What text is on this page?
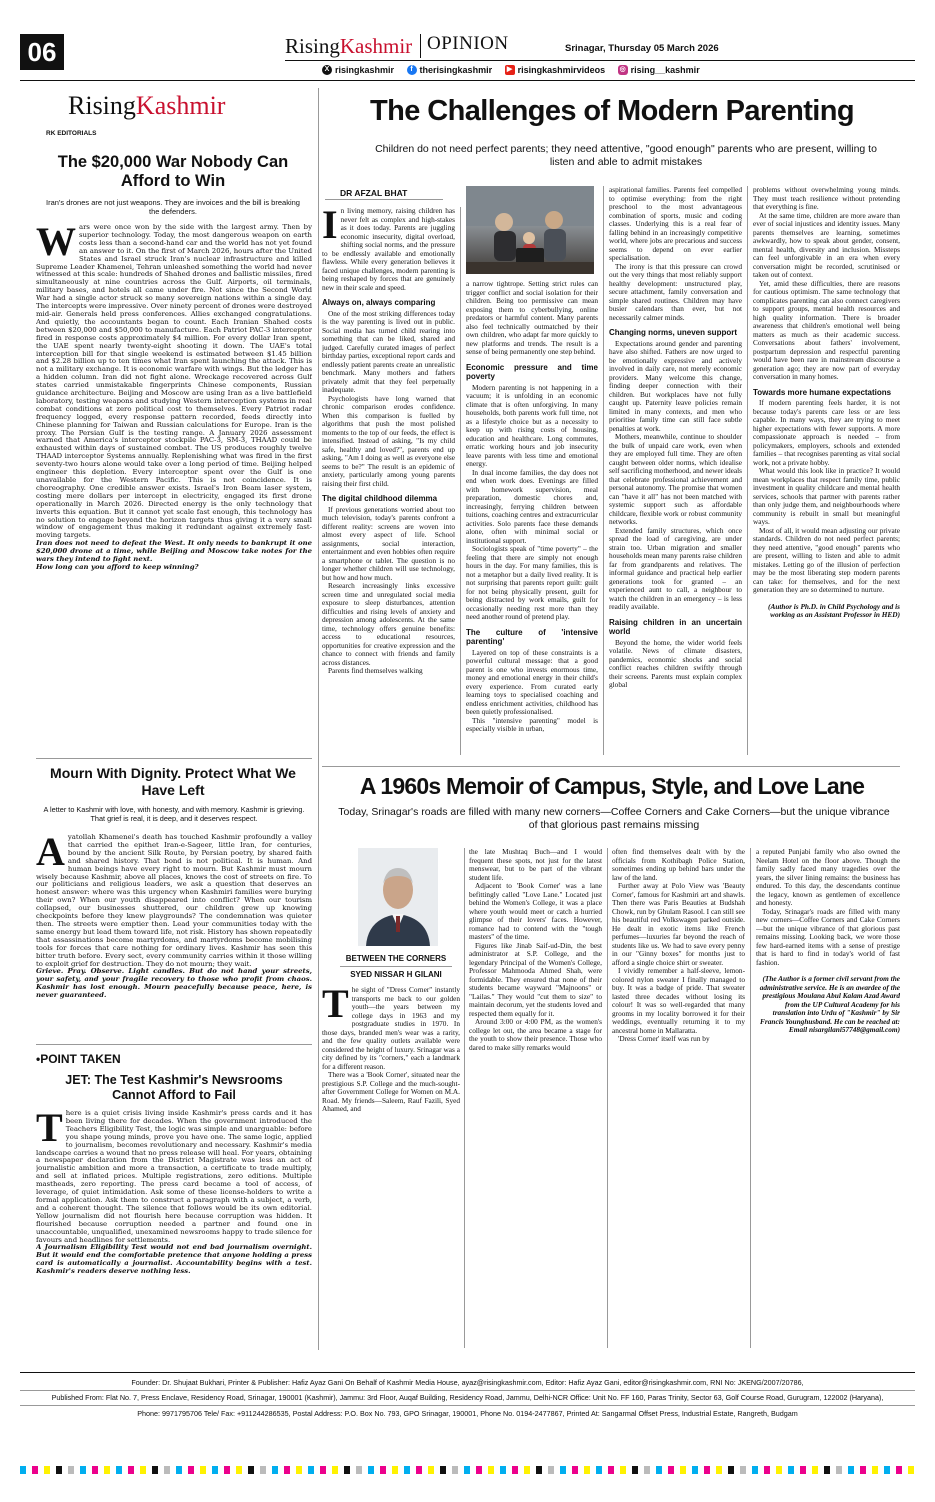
06	RisingKashmir OPINION	Srinagar, Thursday 05 March 2026
X risingkashmir
	f therisingkashmir
	▶ risingkashmirvideos
◎ rising__kashmir
RisingKashmir
RK EDITORIALS
The $20,000 War Nobody Can Afford to Win
Iran's drones are not just weapons. They are invoices and the bill is breaking the defenders.
Wars were once won by the side with the largest army. Then by superior technology. Today, the most dangerous weapon on earth costs less than a second-hand car and the world has not yet found an answer to it. On the first of March 2026, hours after the United States and Israel struck Iran's nuclear infrastructure and killed Supreme Leader Khamenei, Tehran unleashed something the world had never witnessed at this scale: hundreds of Shahed drones and ballistic missiles, fired simultaneously at nine countries across the Gulf. Airports, oil terminals, military bases, and hotels all came under fire. Not since the Second World War had a single actor struck so many sovereign nations within a single day. The intercepts were impressive. Over ninety percent of drones were destroyed mid-air. Generals held press conferences. Allies exchanged congratulations. And quietly, the accountants began to count. Each Iranian Shahed costs between $20,000 and $50,000 to manufacture. Each Patriot PAC-3 interceptor fired in response costs approximately $4 million. For every dollar Iran spent, the UAE spent nearly twenty-eight shooting it down. The UAE's total interception bill for that single weekend is estimated between $1.45 billion and $2.28 billion up to ten times what Iran spent launching the attack. This is not a military exchange. It is economic warfare with wings. But the ledger has a hidden column. Iran did not fight alone. Wreckage recovered across Gulf states carried unmistakable fingerprints Chinese components, Russian guidance architecture. Beijing and Moscow are using Iran as a live battlefield laboratory, testing weapons and studying Western interception systems in real combat conditions at zero political cost to themselves. Every Patriot radar frequency logged, every response pattern recorded, feeds directly into Chinese planning for Taiwan and Russian calculations for Europe. Iran is the proxy. The Persian Gulf is the testing range. A January 2026 assessment warned that America's interceptor stockpile PAC-3, SM-3, THAAD could be exhausted within days of sustained combat. The US produces roughly twelve THAAD interceptor Systems annually. Replenishing what was fired in the first seventy-two hours alone would take over a long period of time. Beijing helped engineer this depletion. Every interceptor spent over the Gulf is one unavailable for the Western Pacific. This is not coincidence. It is choreography. One credible answer exists. Israel's Iron Beam laser system, costing mere dollars per intercept in electricity, engaged its first drone operationally in March 2026. Directed energy is the only technology that inverts this equation. But it cannot yet scale fast enough, this technology has no solution to engage beyond the horizon targets thus giving it a very small window of engagement thus making it redundant against extremely fast-moving targets.

Iran does not need to defeat the West. It only needs to bankrupt it one $20,000 drone at a time, while Beijing and Moscow take notes for the wars they intend to fight next.

How long can you afford to keep winning?

Mourn With Dignity. Protect What We Have Left
A letter to Kashmir with love, with honesty, and with memory. Kashmir is grieving. That grief is real, it is deep, and it deserves respect.
Ayatollah Khamenei's death has touched Kashmir profoundly a valley that carried the epithet Iran-e-Sageer, little Iran, for centuries, bound by the ancient Silk Route, by Persian poetry, by shared faith and shared history. That bond is not political. It is human. And human beings have every right to mourn. But Kashmir must mourn wisely because Kashmir, above all places, knows the cost of streets on fire. To our politicians and religious leaders, we ask a question that deserves an honest answer: where was this urgency when Kashmiri families were burying their own? When our youth disappeared into conflict? When our tourism collapsed, our businesses shuttered, our children grew up knowing checkpoints before they knew playgrounds? The condemnation was quieter then. The streets were emptier then. Lead your communities today with the same energy but lead them toward life, not risk. History has shown repeatedly that assassinations become martyrdoms, and martyrdoms become mobilising tools for forces that care nothing for ordinary lives. Kashmir has seen this bitter truth before. Every sect, every community carries within it those willing to exploit grief for destruction. They do not mourn; they wait.

Grieve. Pray. Observe. Light candles. But do not hand your streets, your safety, and your fragile recovery to those who profit from chaos. Kashmir has lost enough. Mourn peacefully because peace, here, is never guaranteed.

•POINT TAKEN
JET: The Test Kashmir's Newsrooms Cannot Afford to Fail
There is a quiet crisis living inside Kashmir's press cards and it has been living there for decades. When the government introduced the Teachers Eligibility Test, the logic was simple and unarguable: before you shape young minds, prove you have one. The same logic, applied to journalism, becomes revolutionary and necessary. Kashmir's media landscape carries a wound that no press release will heal. For years, obtaining a newspaper declaration from the District Magistrate was less an act of journalistic ambition and more a transaction, a certificate to trade multiply, and sell at inflated prices. Multiple registrations, zero editions. Multiple mastheads, zero reporting. The press card became a tool of access, of leverage, of quiet intimidation. Ask some of these license-holders to write a formal application. Ask them to construct a paragraph with a subject, a verb, and a coherent thought. The silence that follows would be its own editorial. Yellow journalism did not flourish here because corruption was hidden. It flourished because corruption needed a partner and found one in unaccountable, unqualified, unexamined newsrooms happy to trade silence for favours and headlines for settlements.

A Journalism Eligibility Test would not end bad journalism overnight. But it would end the comfortable pretence that anyone holding a press card is automatically a journalist. Accountability begins with a test. Kashmir's readers deserve nothing less.

The Challenges of Modern Parenting
Children do not need perfect parents; they need attentive, "good enough" parents who are present, willing to listen and able to admit mistakes
DR AFZAL BHAT
In living memory, raising children has never felt as complex and high-stakes as it does today. Parents are juggling economic insecurity, digital overload, shifting social norms, and the pressure to be endlessly available and emotionally flawless. While every generation believes it faced unique challenges, modern parenting is being reshaped by forces that are genuinely new in their scale and speed.
Always on, always comparing

One of the most striking differences today is the way parenting is lived out in public. Social media has turned child rearing into something that can be liked, shared and judged. Carefully curated images of perfect birthday parties, exceptional report cards and endlessly patient parents create an unrealistic benchmark. Many mothers and fathers privately admit that they feel perpetually inadequate.

Psychologists have long warned that chronic comparison erodes confidence. When this comparison is fuelled by algorithms that push the most polished moments to the top of our feeds, the effect is intensified. Instead of asking, "Is my child safe, healthy and loved?", parents end up asking, "Am I doing as well as everyone else seems to be?" The result is an epidemic of anxiety, particularly among young parents raising their first child.

The digital childhood dilemma

If previous generations worried about too much television, today's parents confront a different reality: screens are woven into almost every aspect of life. School assignments, social interaction, entertainment and even hobbies often require a smartphone or tablet. The question is no longer whether children will use technology, but how and how much.

Research increasingly links excessive screen time and unregulated social media exposure to sleep disturbances, attention difficulties and rising levels of anxiety and depression among adolescents. At the same time, technology offers genuine benefits: access to educational resources, opportunities for creative expression and the chance to connect with friends and family across distances.

Parents find themselves walking

a narrow tightrope. Setting strict rules can trigger conflict and social isolation for their children. Being too permissive can mean exposing them to cyberbullying, online predators or harmful content. Many parents also feel technically outmatched by their own children, who adapt far more quickly to new platforms and trends. The result is a sense of being permanently one step behind.
Economic pressure and time poverty

Modern parenting is not happening in a vacuum; it is unfolding in an economic climate that is often unforgiving. In many households, both parents work full time, not as a lifestyle choice but as a necessity to keep up with rising costs of housing, education and healthcare. Long commutes, erratic working hours and job insecurity leave parents with less time and emotional energy.

In dual income families, the day does not end when work does. Evenings are filled with homework supervision, meal preparation, domestic chores and, increasingly, ferrying children between tuitions, coaching centres and extracurricular activities. Solo parents face these demands alone, often with minimal social or institutional support.

Sociologists speak of "time poverty" – the feeling that there are simply not enough hours in the day. For many families, this is not a metaphor but a daily lived reality. It is not surprising that parents report guilt: guilt for not being physically present, guilt for being distracted by work emails, guilt for occasionally needing rest more than they need another round of pretend play.

The culture of 'intensive parenting'

Layered on top of these constraints is a powerful cultural message: that a good parent is one who invests enormous time, money and emotional energy in their child's every experience. From curated early learning toys to specialised coaching and endless enrichment activities, childhood has been quietly professionalised.

This "intensive parenting" model is especially visible in urban,

aspirational families. Parents feel compelled to optimise everything: from the right preschool to the most advantageous combination of sports, music and coding classes. Underlying this is a real fear of falling behind in an increasingly competitive world, where jobs are precarious and success seems to depend on ever earlier specialisation.

The irony is that this pressure can crowd out the very things that most reliably support healthy development: unstructured play, secure attachment, family conversation and simple shared routines. Children may have busier calendars than ever, but not necessarily calmer minds.

Changing norms, uneven support

Expectations around gender and parenting have also shifted. Fathers are now urged to be emotionally expressive and actively involved in daily care, not merely economic providers. Many welcome this change, finding deeper connection with their children. But workplaces have not fully caught up. Paternity leave policies remain limited in many contexts, and men who prioritise family time can still face subtle penalties at work.

Mothers, meanwhile, continue to shoulder the bulk of unpaid care work, even when they are employed full time. They are often caught between older norms, which idealise self sacrificing motherhood, and newer ideals that celebrate professional achievement and personal autonomy. The promise that women can "have it all" has not been matched with systemic support such as affordable childcare, flexible work or robust community networks.

Extended family structures, which once spread the load of caregiving, are under strain too. Urban migration and smaller households mean many parents raise children far from grandparents and relatives. The informal guidance and practical help earlier generations took for granted – an experienced aunt to call, a neighbour to watch the children in an emergency – is less readily available.

Raising children in an uncertain world

Beyond the home, the wider world feels volatile. News of climate disasters, pandemics, economic shocks and social conflict reaches children swiftly through their screens. Parents must explain complex global

problems without overwhelming young minds. They must teach resilience without pretending that everything is fine.

At the same time, children are more aware than ever of social injustices and identity issues. Many parents themselves are learning, sometimes awkwardly, how to speak about gender, consent, mental health, diversity and inclusion. Missteps can feel unforgivable in an era when every conversation might be recorded, scrutinised or taken out of context.

Yet, amid these difficulties, there are reasons for cautious optimism. The same technology that complicates parenting can also connect caregivers to support groups, mental health resources and high quality information. There is broader awareness that children's emotional well being matters as much as their academic success. Conversations about fathers' involvement, postpartum depression and respectful parenting would have been rare in mainstream discourse a generation ago; they are now part of everyday conversation in many homes.

Towards more humane expectations

If modern parenting feels harder, it is not because today's parents care less or are less capable. In many ways, they are trying to meet higher expectations with fewer supports. A more compassionate approach is needed – from policymakers, employers, schools and extended families – that recognises parenting as vital social work, not a private hobby.

What would this look like in practice? It would mean workplaces that respect family time, public investment in quality childcare and mental health services, schools that partner with parents rather than only judge them, and neighbourhoods where community is rebuilt in small but meaningful ways.

Most of all, it would mean adjusting our private standards. Children do not need perfect parents; they need attentive, "good enough" parents who are present, willing to listen and able to admit mistakes. Letting go of the illusion of perfection may be the most liberating step modern parents can take: for themselves, and for the next generation they are so determined to nurture.

(Author is Ph.D. in Child Psychology and is working as an Assistant Professor in HED)

A 1960s Memoir of Campus, Style, and Love Lane
Today, Srinagar's roads are filled with many new corners—Coffee Corners and Cake Corners—but the unique vibrance of that glorious past remains missing
BETWEEN THE CORNERS
SYED NISSAR H GILANI
The sight of "Dress Corner" instantly transports me back to our golden youth—the years between my college days in 1963 and my postgraduate studies in 1970. In those days, branded men's wear was a rarity, and the few quality outlets available were considered the height of luxury. Srinagar was a city defined by its "corners," each a landmark for a different reason.

There was a 'Book Corner', situated near the prestigious S.P. College and the much-sought-after Government College for Women on M.A. Road. My friends—Saleem, Rauf Fazili, Syed Ahamed, and

the late Mushtaq Buch—and I would frequent these spots, not just for the latest menswear, but to be part of the vibrant student life.

Adjacent to 'Book Corner' was a lane befittingly called "Love Lane." Located just behind the Women's College, it was a place where youth would meet or catch a hurried glimpse of their lovers' faces. However, romance had to contend with the "tough masters" of the time.

Figures like Jinab Saif-ud-Din, the best administrator at S.P. College, and the legendary Principal of the Women's College, Professor Mahmooda Ahmed Shah, were formidable. They ensured that none of their students became wayward "Majnoons" or "Lailas." They would "cut them to size" to maintain decorum, yet the students loved and respected them equally for it.

Around 3:00 or 4:00 PM, as the women's college let out, the area became a stage for the youth to show their presence. Those who dared to make silly remarks would

often find themselves dealt with by the officials from Kothibagh Police Station, sometimes ending up behind bars under the law of the land.

Further away at Polo View was 'Beauty Corner', famous for Kashmiri art and shawls. Then there was Paris Beauties at Budshah Chowk, run by Ghulam Rasool. I can still see his beautiful red Volkswagen parked outside. He dealt in exotic items like French perfumes—luxuries far beyond the reach of students like us. We had to save every penny in our "Ginny boxes" for months just to afford a single choice shirt or sweater.

I vividly remember a half-sleeve, lemon-colored nylon sweater I finally managed to buy. It was a badge of pride. That sweater lasted three decades without losing its colour! It was so well-regarded that many grooms in my locality borrowed it for their weddings, eventually returning it to my ancestral home in Mallaratta.

'Dress Corner' itself was run by

a reputed Punjabi family who also owned the Neelam Hotel on the floor above. Though the family sadly faced many tragedies over the years, the silver lining remains: the business has endured. To this day, the descendants continue the legacy, known as gentlemen of excellence and honesty.

Today, Srinagar's roads are filled with many new corners—Coffee Corners and Cake Corners—but the unique vibrance of that glorious past remains missing. Looking back, we wore those few hard-earned items with a sense of prestige that is hard to find in today's world of fast fashion.

(The Author is a former civil servant from the administrative service. He is an awardee of the prestigious Moulana Abul Kalam Azad Award from the UP Cultural Academy for his translation into Urdu of "Kashmir" by Sir Francis Younghusband. He can be reached at: Email nisargilani57748@gmail.com)

Founder: Dr. Shujaat Bukhari, Printer & Publisher: Hafiz Ayaz Gani On Behalf of Kashmir Media House, ayaz@risingkashmir.com, Editor: Hafiz Ayaz Gani, editor@risingkashmir.com, RNI No: JKENG/2007/20786,
Published From: Flat No. 7, Press Enclave, Residency Road, Srinagar, 190001 (Kashmir), Jammu: 3rd Floor, Auqaf Building, Residency Road, Jammu, Delhi-NCR Office: Unit No. FF 160, Paras Trinity, Sector 63, Golf Course Road, Gurugram, 122002 (Haryana),
Phone: 9971795706 Tele/ Fax: +911244286535, Postal Address: P.O. Box No. 793, GPO Srinagar, 190001, Phone No. 0194-2477867, Printed At: Sangarmal Offset Press, Industrial Estate, Rangreth, Budgam
